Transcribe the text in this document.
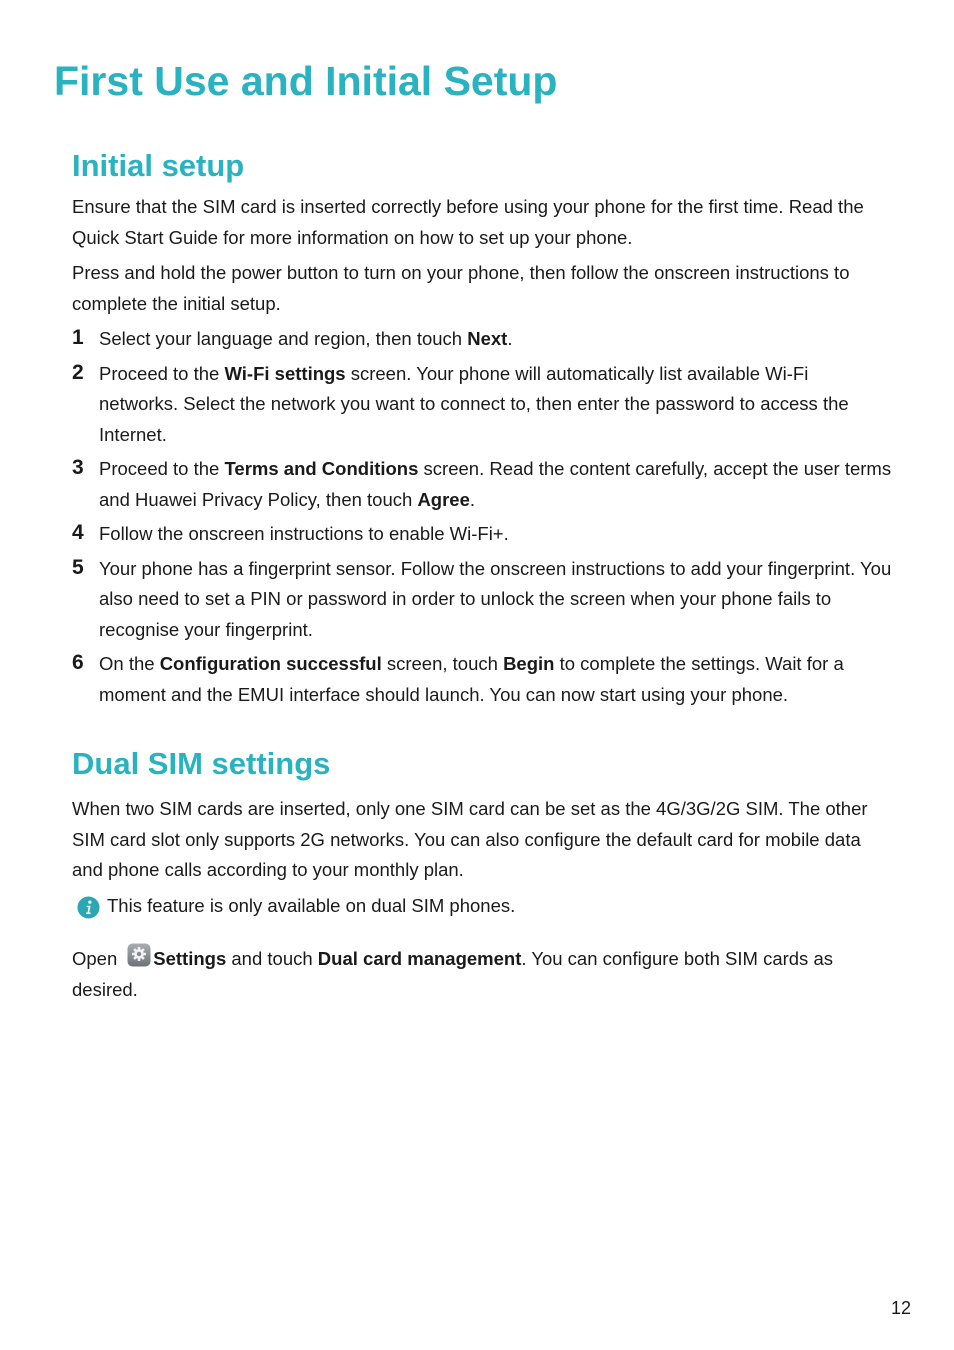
First Use and Initial Setup
Initial setup

Ensure that the SIM card is inserted correctly before using your phone for the first time. Read the Quick Start Guide for more information on how to set up your phone.

Press and hold the power button to turn on your phone, then follow the onscreen instructions to complete the initial setup.

1 Select your language and region, then touch Next.
2 Proceed to the Wi-Fi settings screen. Your phone will automatically list available Wi-Fi networks. Select the network you want to connect to, then enter the password to access the Internet.
3 Proceed to the Terms and Conditions screen. Read the content carefully, accept the user terms and Huawei Privacy Policy, then touch Agree.
4 Follow the onscreen instructions to enable Wi-Fi+.
5 Your phone has a fingerprint sensor. Follow the onscreen instructions to add your fingerprint. You also need to set a PIN or password in order to unlock the screen when your phone fails to recognise your fingerprint.
6 On the Configuration successful screen, touch Begin to complete the settings. Wait for a moment and the EMUI interface should launch. You can now start using your phone.
Dual SIM settings

When two SIM cards are inserted, only one SIM card can be set as the 4G/3G/2G SIM. The other SIM card slot only supports 2G networks. You can also configure the default card for mobile data and phone calls according to your monthly plan.

This feature is only available on dual SIM phones.

Open Settings and touch Dual card management. You can configure both SIM cards as desired.

12
